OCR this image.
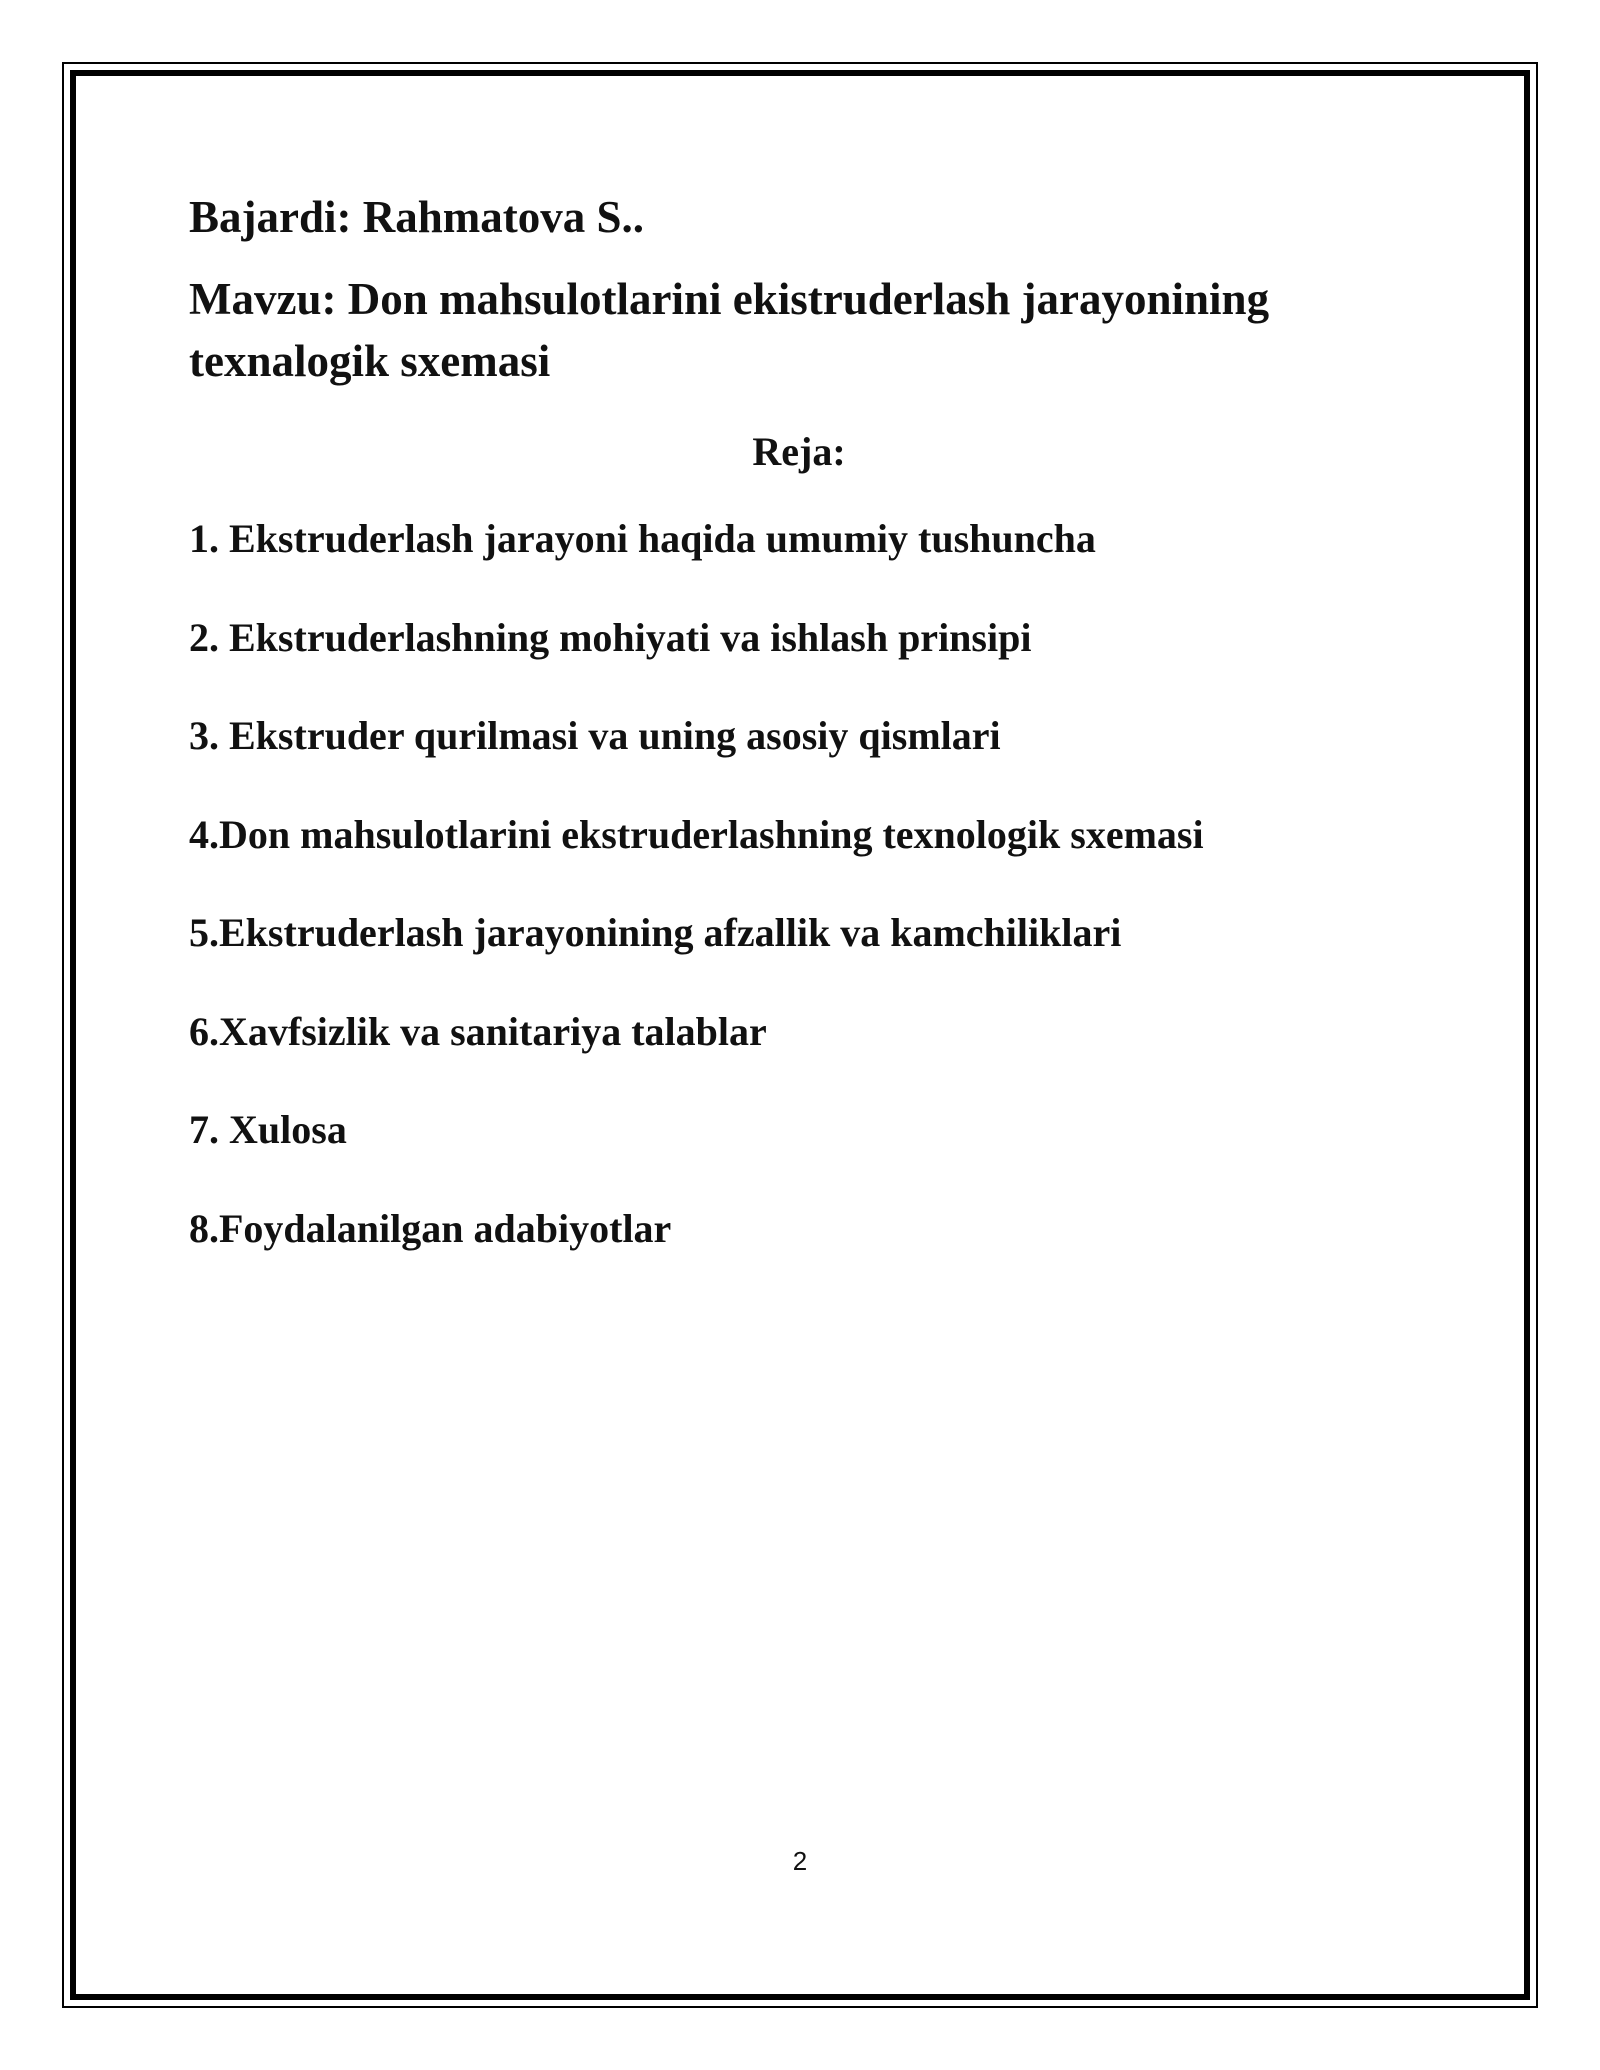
Bajardi: Rahmatova S..

Mavzu: Don mahsulotlarini ekistruderlash jarayonining texnalogik sxemasi

Reja:

1. Ekstruderlash jarayoni haqida umumiy tushuncha
2. Ekstruderlashning mohiyati va ishlash prinsipi
3. Ekstruder qurilmasi va uning asosiy qismlari
4.Don mahsulotlarini ekstruderlashning texnologik sxemasi
5.Ekstruderlash jarayonining afzallik va kamchiliklari
6.Xavfsizlik va sanitariya talablar
7. Xulosa
8.Foydalanilgan adabiyotlar
2
